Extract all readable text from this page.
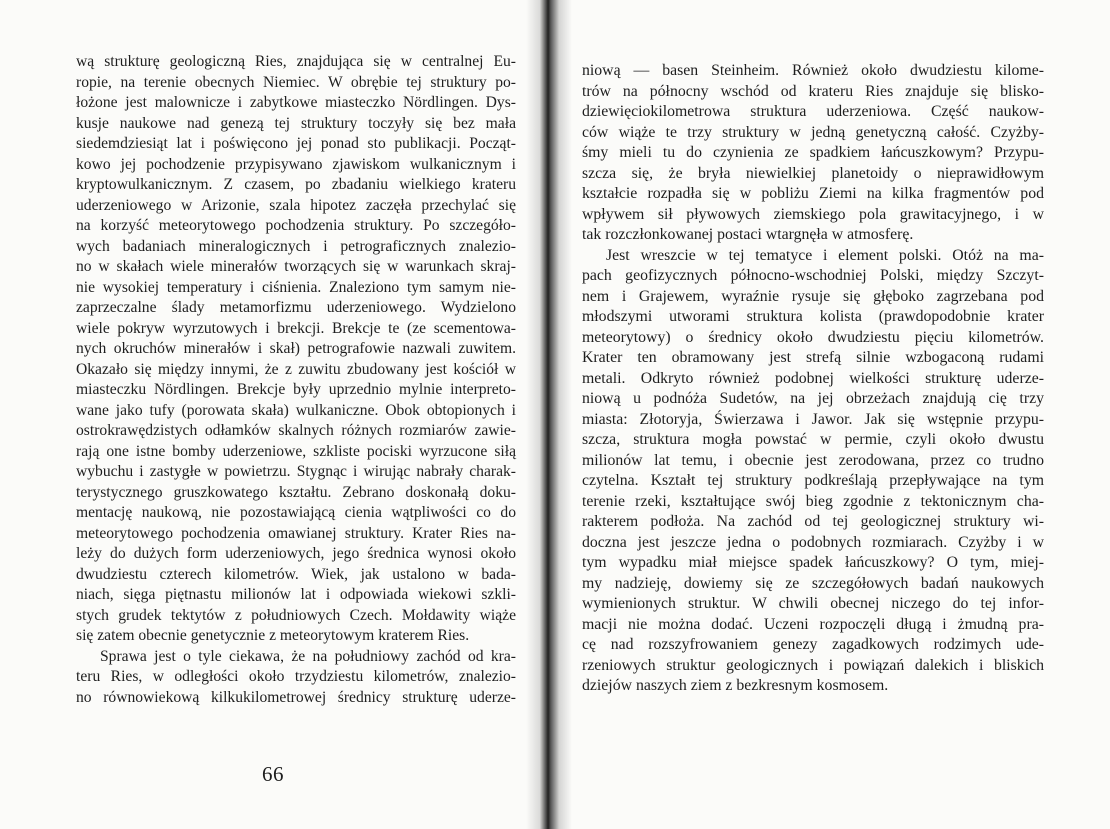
wą strukturę geologiczną Ries, znajdująca się w centralnej Eu-
ropie, na terenie obecnych Niemiec. W obrębie tej struktury po-
łożone jest malownicze i zabytkowe miasteczko Nördlingen. Dys-
kusje naukowe nad genezą tej struktury toczyły się bez mała
siedemdziesiąt lat i poświęcono jej ponad sto publikacji. Począt-
kowo jej pochodzenie przypisywano zjawiskom wulkanicznym i
kryptowulkanicznym. Z czasem, po zbadaniu wielkiego krateru
uderzeniowego w Arizonie, szala hipotez zaczęła przechylać się
na korzyść meteorytowego pochodzenia struktury. Po szczegóło-
wych badaniach mineralogicznych i petrograficznych znalezio-
no w skałach wiele minerałów tworzących się w warunkach skraj-
nie wysokiej temperatury i ciśnienia. Znaleziono tym samym nie-
zaprzeczalne ślady metamorfizmu uderzeniowego. Wydzielono
wiele pokryw wyrzutowych i brekcji. Brekcje te (ze scementowa-
nych okruchów minerałów i skał) petrografowie nazwali zuwitem.
Okazało się między innymi, że z zuwitu zbudowany jest kościół w
miasteczku Nördlingen. Brekcje były uprzednio mylnie interpreto-
wane jako tufy (porowata skała) wulkaniczne. Obok obtopionych i
ostrokrawędzistych odłamków skalnych różnych rozmiarów zawie-
rają one istne bomby uderzeniowe, szkliste pociski wyrzucone siłą
wybuchu i zastygłe w powietrzu. Stygnąc i wirując nabrały charak-
terystycznego gruszkowatego kształtu. Zebrano doskonałą doku-
mentację naukową, nie pozostawiającą cienia wątpliwości co do
meteorytowego pochodzenia omawianej struktury. Krater Ries na-
leży do dużych form uderzeniowych, jego średnica wynosi około
dwudziestu czterech kilometrów. Wiek, jak ustalono w bada-
niach, sięga piętnastu milionów lat i odpowiada wiekowi szkli-
stych grudek tektytów z południowych Czech. Mołdawity wiąże
się zatem obecnie genetycznie z meteorytowym kraterem Ries.
Sprawa jest o tyle ciekawa, że na południowy zachód od kra-
teru Ries, w odległości około trzydziestu kilometrów, znalezio-
no równowiekową kilkukilometrowej średnicy strukturę uderze-
66
niową — basen Steinheim. Również około dwudziestu kilome-
trów na północny wschód od krateru Ries znajduje się blisko-
dziewięciokilometrowa struktura uderzeniowa. Część naukow-
ców wiąże te trzy struktury w jedną genetyczną całość. Czyżby-
śmy mieli tu do czynienia ze spadkiem łańcuszkowym? Przypu-
szcza się, że bryła niewielkiej planetoidy o nieprawidłowym
kształcie rozpadła się w pobliżu Ziemi na kilka fragmentów pod
wpływem sił pływowych ziemskiego pola grawitacyjnego, i w
tak rozczłonkowanej postaci wtargnęła w atmosferę.
Jest wreszcie w tej tematyce i element polski. Otóż na ma-
pach geofizycznych północno-wschodniej Polski, między Szczyt-
nem i Grajewem, wyraźnie rysuje się głęboko zagrzebana pod
młodszymi utworami struktura kolista (prawdopodobnie krater
meteorytowy) o średnicy około dwudziestu pięciu kilometrów.
Krater ten obramowany jest strefą silnie wzbogaconą rudami
metali. Odkryto również podobnej wielkości strukturę uderze-
niową u podnóża Sudetów, na jej obrzeżach znajdują cię trzy
miasta: Złotoryja, Świerzawa i Jawor. Jak się wstępnie przypu-
szcza, struktura mogła powstać w permie, czyli około dwustu
milionów lat temu, i obecnie jest zerodowana, przez co trudno
czytelna. Kształt tej struktury podkreślają przepływające na tym
terenie rzeki, kształtujące swój bieg zgodnie z tektonicznym cha-
rakterem podłoża. Na zachód od tej geologicznej struktury wi-
doczna jest jeszcze jedna o podobnych rozmiarach. Czyżby i w
tym wypadku miał miejsce spadek łańcuszkowy? O tym, miej-
my nadzieję, dowiemy się ze szczegółowych badań naukowych
wymienionych struktur. W chwili obecnej niczego do tej infor-
macji nie można dodać. Uczeni rozpoczęli długą i żmudną pra-
cę nad rozszyfrowaniem genezy zagadkowych rodzimych ude-
rzeniowych struktur geologicznych i powiązań dalekich i bliskich
dziejów naszych ziem z bezkresnym kosmosem.
